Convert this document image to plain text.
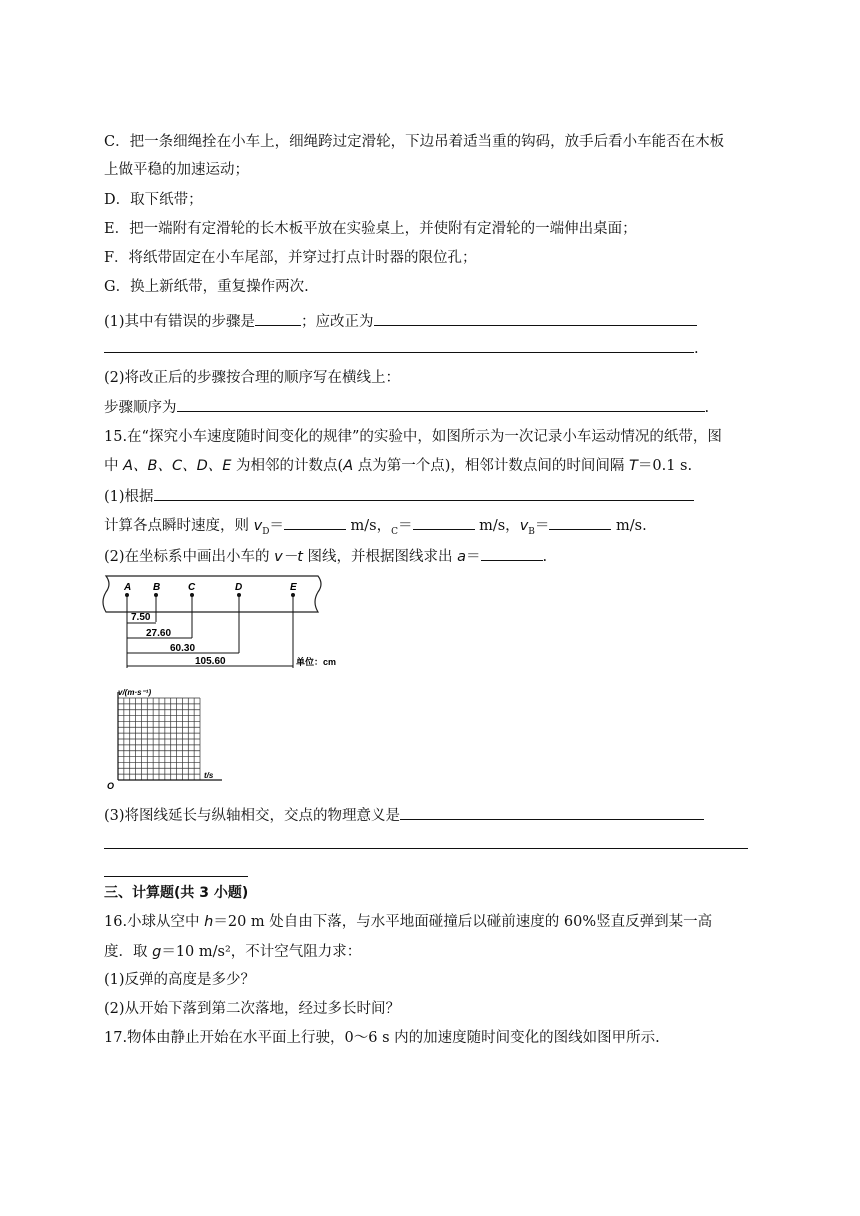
C．把一条细绳拴在小车上，细绳跨过定滑轮，下边吊着适当重的钩码，放手后看小车能否在木板
上做平稳的加速运动；
D．取下纸带；
E．把一端附有定滑轮的长木板平放在实验桌上，并使附有定滑轮的一端伸出桌面；
F．将纸带固定在小车尾部，并穿过打点计时器的限位孔；
G．换上新纸带，重复操作两次.
(1)其中有错误的步骤是	；应改正为
.
(2)将改正后的步骤按合理的顺序写在横线上：
步骤顺序为	.
15.在“探究小车速度随时间变化的规律”的实验中，如图所示为一次记录小车运动情况的纸带，图
中 A、B、C、D、E 为相邻的计数点(A 点为第一个点)，相邻计数点间的时间间隔 T＝0.1 s.
(1)根据
计算各点瞬时速度，则 $v_D=$	m/s，$_C$＝	m/s，$v_B=$	m/s.
(2)在坐标系中画出小车的 v－t 图线，并根据图线求出 a＝	.
A B	C	D	E
7.50
27.60
60.30
105.60	单位：cm
v/(m·s⁻¹)
t/s
O
(3)将图线延长与纵轴相交，交点的物理意义是
三、计算题(共 3 小题)
16.小球从空中 h＝20 m 处自由下落，与水平地面碰撞后以碰前速度的 60%竖直反弹到某一高
度．取 g＝10 m/s²，不计空气阻力求：
(1)反弹的高度是多少？
(2)从开始下落到第二次落地，经过多长时间？
17.物体由静止开始在水平面上行驶，0～6 s 内的加速度随时间变化的图线如图甲所示.
